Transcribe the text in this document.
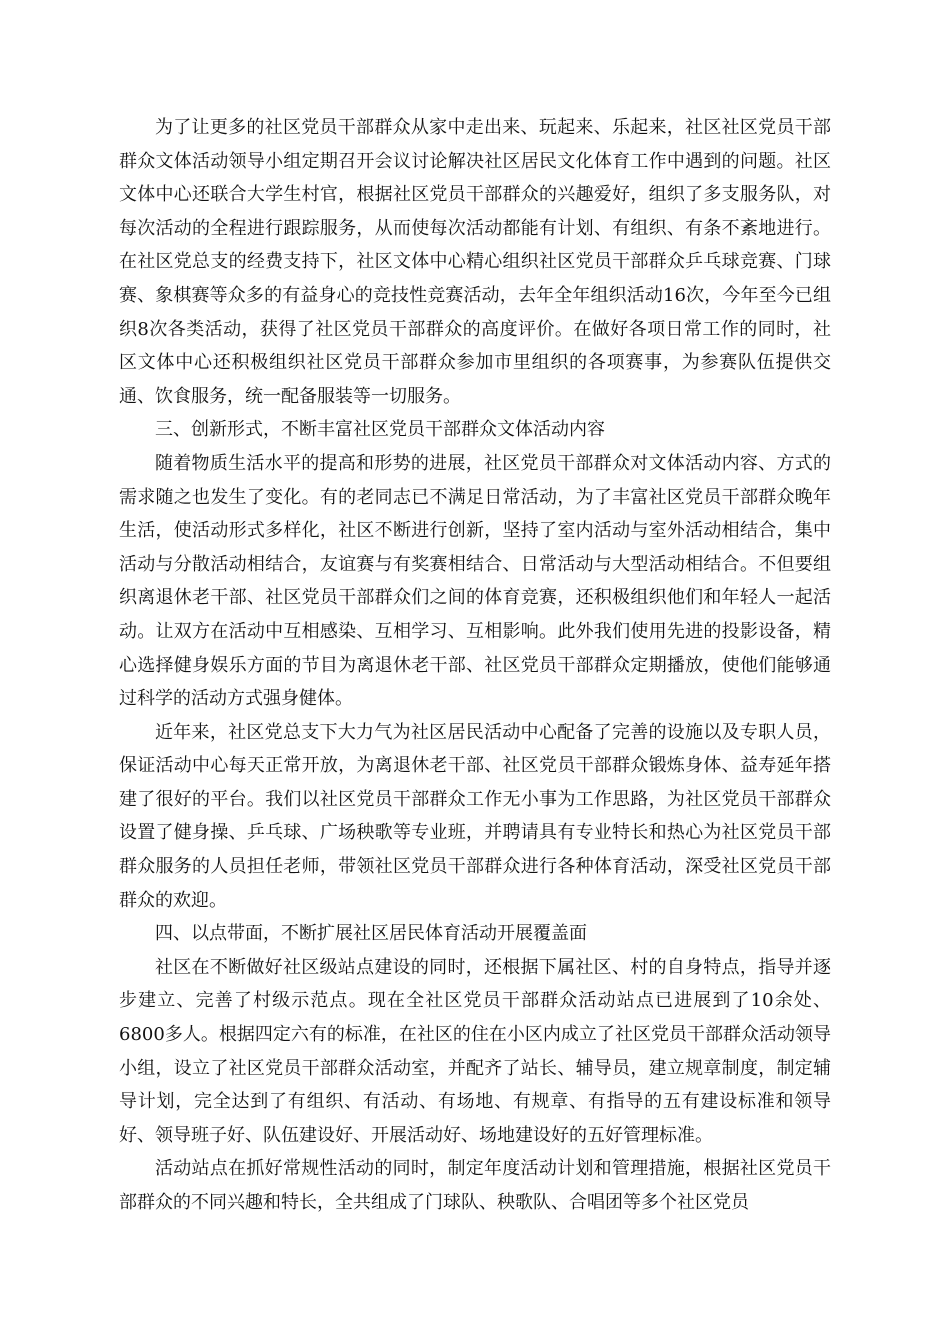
为了让更多的社区党员干部群众从家中走出来、玩起来、乐起来，社区社区党员干部群众文体活动领导小组定期召开会议讨论解决社区居民文化体育工作中遇到的问题。社区文体中心还联合大学生村官，根据社区党员干部群众的兴趣爱好，组织了多支服务队，对每次活动的全程进行跟踪服务，从而使每次活动都能有计划、有组织、有条不紊地进行。在社区党总支的经费支持下，社区文体中心精心组织社区党员干部群众乒乓球竞赛、门球赛、象棋赛等众多的有益身心的竞技性竞赛活动，去年全年组织活动16次，今年至今已组织8次各类活动，获得了社区党员干部群众的高度评价。在做好各项日常工作的同时，社区文体中心还积极组织社区党员干部群众参加市里组织的各项赛事，为参赛队伍提供交通、饮食服务，统一配备服装等一切服务。

三、创新形式，不断丰富社区党员干部群众文体活动内容

随着物质生活水平的提高和形势的进展，社区党员干部群众对文体活动内容、方式的需求随之也发生了变化。有的老同志已不满足日常活动，为了丰富社区党员干部群众晚年生活，使活动形式多样化，社区不断进行创新，坚持了室内活动与室外活动相结合，集中活动与分散活动相结合，友谊赛与有奖赛相结合、日常活动与大型活动相结合。不但要组织离退休老干部、社区党员干部群众们之间的体育竞赛，还积极组织他们和年轻人一起活动。让双方在活动中互相感染、互相学习、互相影响。此外我们使用先进的投影设备，精心选择健身娱乐方面的节目为离退休老干部、社区党员干部群众定期播放，使他们能够通过科学的活动方式强身健体。

近年来，社区党总支下大力气为社区居民活动中心配备了完善的设施以及专职人员，保证活动中心每天正常开放，为离退休老干部、社区党员干部群众锻炼身体、益寿延年搭建了很好的平台。我们以社区党员干部群众工作无小事为工作思路，为社区党员干部群众设置了健身操、乒乓球、广场秧歌等专业班，并聘请具有专业特长和热心为社区党员干部群众服务的人员担任老师，带领社区党员干部群众进行各种体育活动，深受社区党员干部群众的欢迎。

四、以点带面，不断扩展社区居民体育活动开展覆盖面

社区在不断做好社区级站点建设的同时，还根据下属社区、村的自身特点，指导并逐步建立、完善了村级示范点。现在全社区党员干部群众活动站点已进展到了10余处、6800多人。根据四定六有的标准，在社区的住在小区内成立了社区党员干部群众活动领导小组，设立了社区党员干部群众活动室，并配齐了站长、辅导员，建立规章制度，制定辅导计划，完全达到了有组织、有活动、有场地、有规章、有指导的五有建设标准和领导好、领导班子好、队伍建设好、开展活动好、场地建设好的五好管理标准。

活动站点在抓好常规性活动的同时，制定年度活动计划和管理措施，根据社区党员干部群众的不同兴趣和特长，全共组成了门球队、秧歌队、合唱团等多个社区党员
